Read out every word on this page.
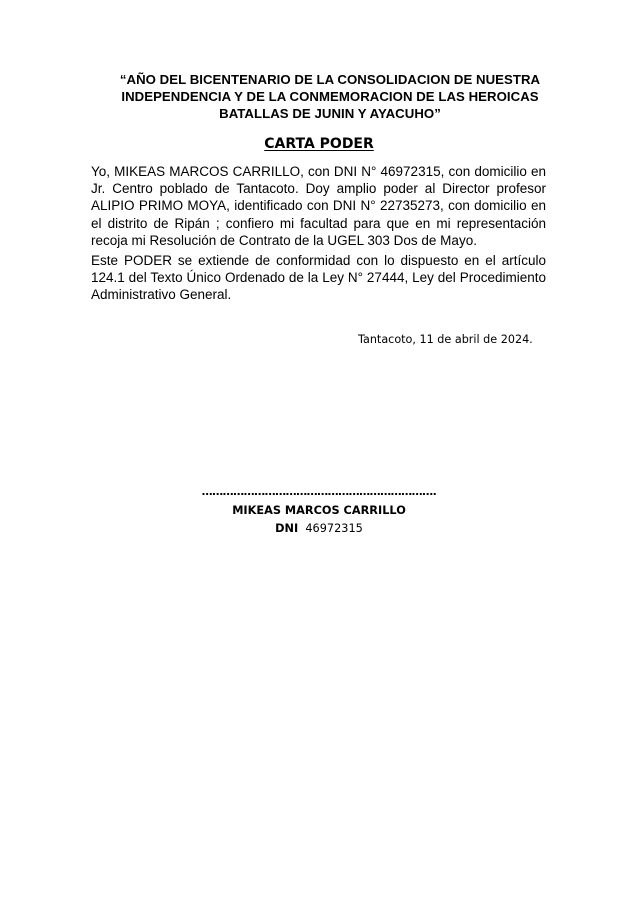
“AÑO DEL BICENTENARIO DE LA CONSOLIDACION DE NUESTRA
INDEPENDENCIA Y DE LA CONMEMORACION DE LAS HEROICAS
BATALLAS DE JUNIN Y AYACUHO”
CARTA PODER

Yo, MIKEAS MARCOS CARRILLO, con DNI N° 46972315, con domicilio en Jr. Centro poblado de Tantacoto. Doy amplio poder al Director profesor ALIPIO PRIMO MOYA, identificado con DNI N° 22735273, con domicilio en el distrito de Ripán ; confiero mi facultad para que en mi representación recoja mi Resolución de Contrato de la UGEL 303 Dos de Mayo.

Este PODER se extiende de conformidad con lo dispuesto en el artículo 124.1 del Texto Único Ordenado de la Ley N° 27444, Ley del Procedimiento Administrativo General.

Tantacoto, 11 de abril de 2024.
………………………………………………………….
MIKEAS MARCOS CARRILLO
DNI 46972315
